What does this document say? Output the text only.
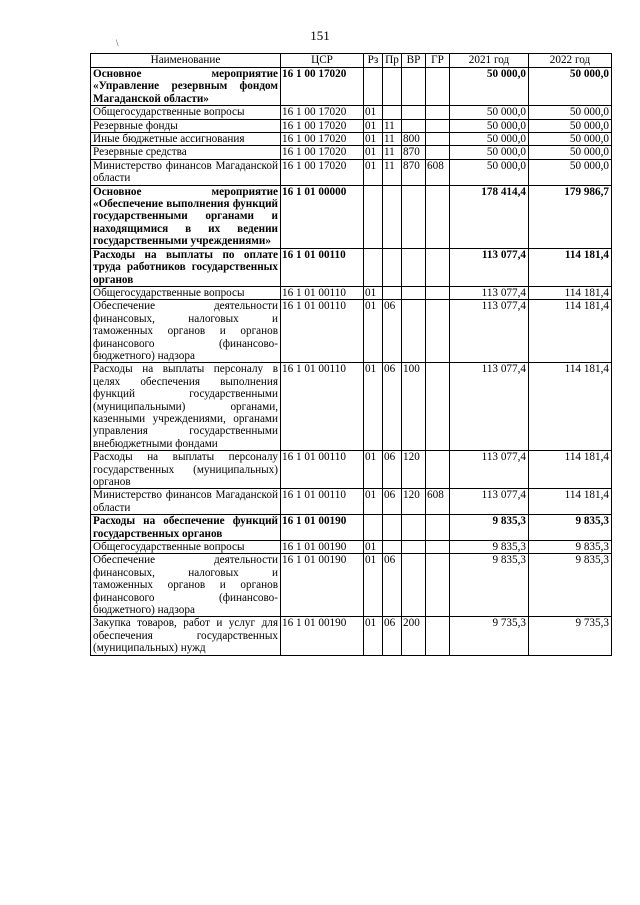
151
\
Наименование	ЦСР	Рз	Пр	ВР	ГР	2021 год	2022 год
Основное мероприятие «Управление резервным фондом Магаданской области»	16 1 00 17020					50 000,0	50 000,0
Общегосударственные вопросы	16 1 00 17020	01				50 000,0	50 000,0
Резервные фонды	16 1 00 17020	01	11			50 000,0	50 000,0
Иные бюджетные ассигнования	16 1 00 17020	01	11	800		50 000,0	50 000,0
Резервные средства	16 1 00 17020	01	11	870		50 000,0	50 000,0
Министерство финансов Магаданской области	16 1 00 17020	01	11	870	608	50 000,0	50 000,0
Основное мероприятие «Обеспечение выполнения функций государственными органами и находящимися в их ведении государственными учреждениями»	16 1 01 00000					178 414,4	179 986,7
Расходы на выплаты по оплате труда работников государственных органов	16 1 01 00110					113 077,4	114 181,4
Общегосударственные вопросы	16 1 01 00110	01				113 077,4	114 181,4
Обеспечение деятельности финансовых, налоговых и таможенных органов и органов финансового (финансово-бюджетного) надзора	16 1 01 00110	01	06			113 077,4	114 181,4
Расходы на выплаты персоналу в целях обеспечения выполнения функций государственными (муниципальными) органами, казенными учреждениями, органами управления государственными внебюджетными фондами	16 1 01 00110	01	06	100		113 077,4	114 181,4
Расходы на выплаты персоналу государственных (муниципальных) органов	16 1 01 00110	01	06	120		113 077,4	114 181,4
Министерство финансов Магаданской области	16 1 01 00110	01	06	120	608	113 077,4	114 181,4
Расходы на обеспечение функций государственных органов	16 1 01 00190					9 835,3	9 835,3
Общегосударственные вопросы	16 1 01 00190	01				9 835,3	9 835,3
Обеспечение деятельности финансовых, налоговых и таможенных органов и органов финансового (финансово-бюджетного) надзора	16 1 01 00190	01	06			9 835,3	9 835,3
Закупка товаров, работ и услуг для обеспечения государственных (муниципальных) нужд	16 1 01 00190	01	06	200		9 735,3	9 735,3
